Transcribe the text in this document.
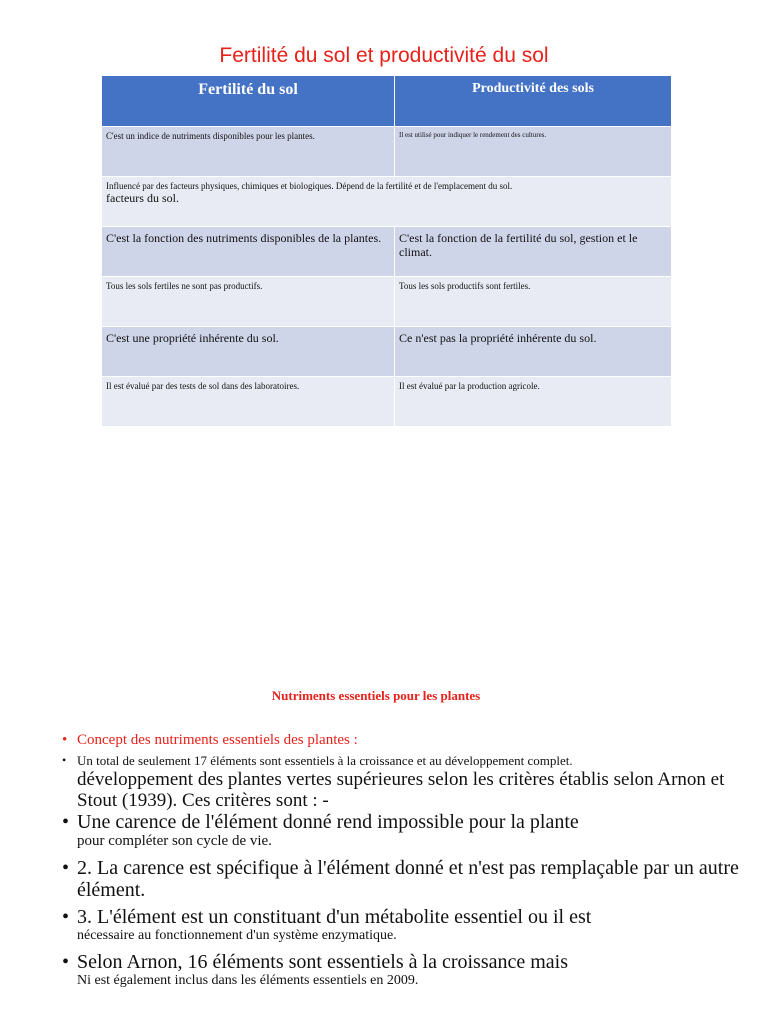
Fertilité du sol et productivité du sol
Fertilité du sol	Productivité des sols
C'est un indice de nutriments disponibles pour les plantes.	Il est utilisé pour indiquer le rendement des cultures.

Influencé par des facteurs physiques, chimiques et biologiques. Dépend de la fertilité et de l'emplacement du sol.
facteurs du sol.	

C'est la fonction des nutriments disponibles de la plantes.	C'est la fonction de la fertilité du sol, gestion et le climat.
Tous les sols fertiles ne sont pas productifs.	Tous les sols productifs sont fertiles.
C'est une propriété inhérente du sol.	Ce n'est pas la propriété inhérente du sol.
Il est évalué par des tests de sol dans des laboratoires.	Il est évalué par la production agricole.
Nutriments essentiels pour les plantes
• Concept des nutriments essentiels des plantes :
• Un total de seulement 17 éléments sont essentiels à la croissance et au développement complet.
développement des plantes vertes supérieures selon les critères établis selon Arnon et Stout (1939). Ces critères sont : -
• Une carence de l'élément donné rend impossible pour la plante
pour compléter son cycle de vie.
• 2. La carence est spécifique à l'élément donné et n'est pas remplaçable par un autre élément.
• 3. L'élément est un constituant d'un métabolite essentiel ou il est
nécessaire au fonctionnement d'un système enzymatique.
• Selon Arnon, 16 éléments sont essentiels à la croissance mais
Ni est également inclus dans les éléments essentiels en 2009.
